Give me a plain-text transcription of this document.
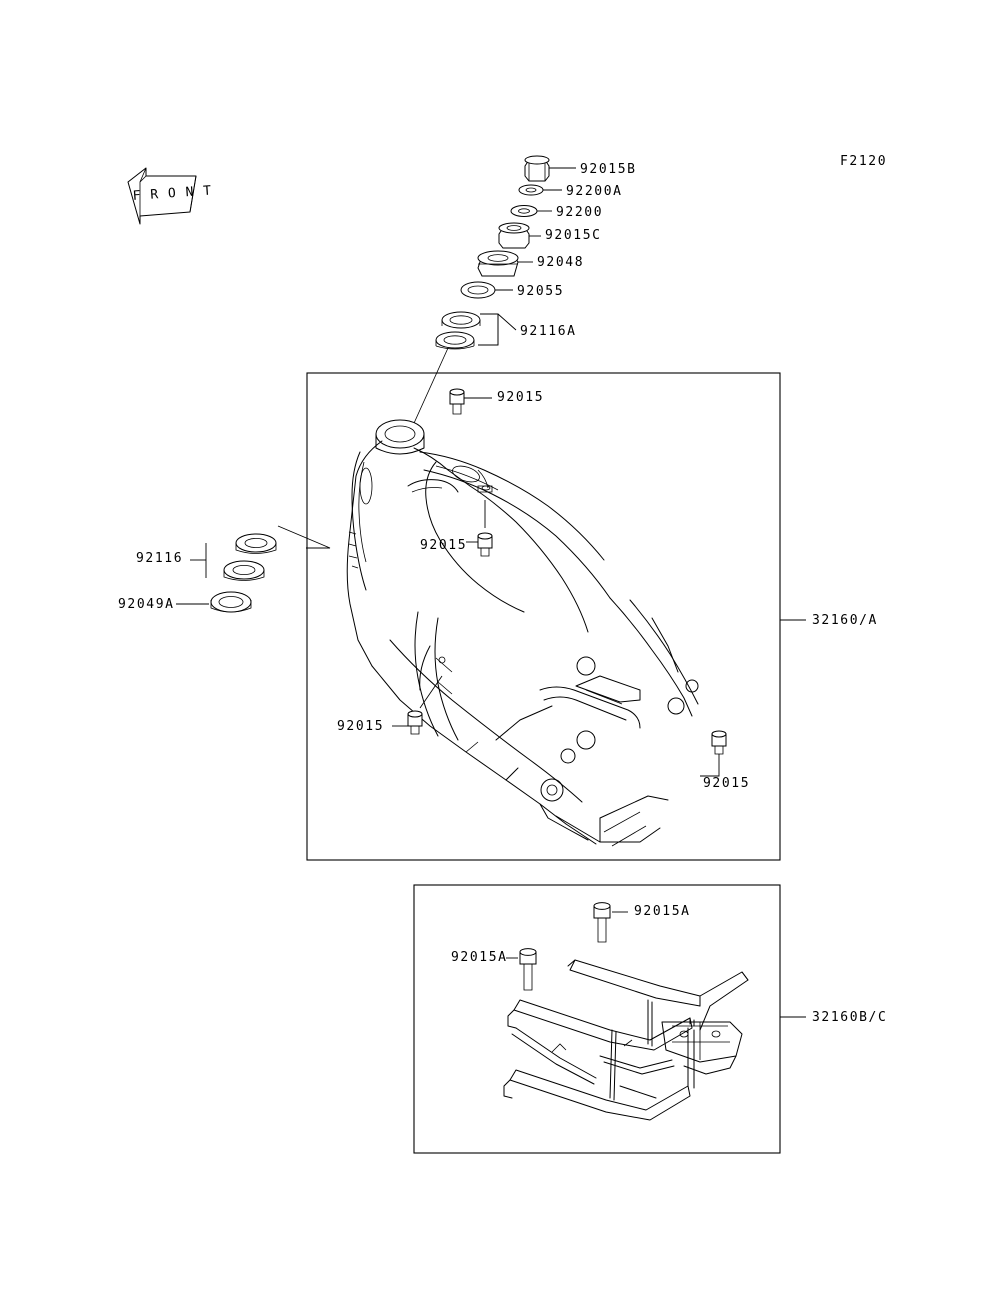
F R O N T
F2120
92015B
92200A
92200
92015C
92048
92055
92116A
92015
92015
92116
92049A
92015
92015
32160/A
92015A
92015A
32160B/C
